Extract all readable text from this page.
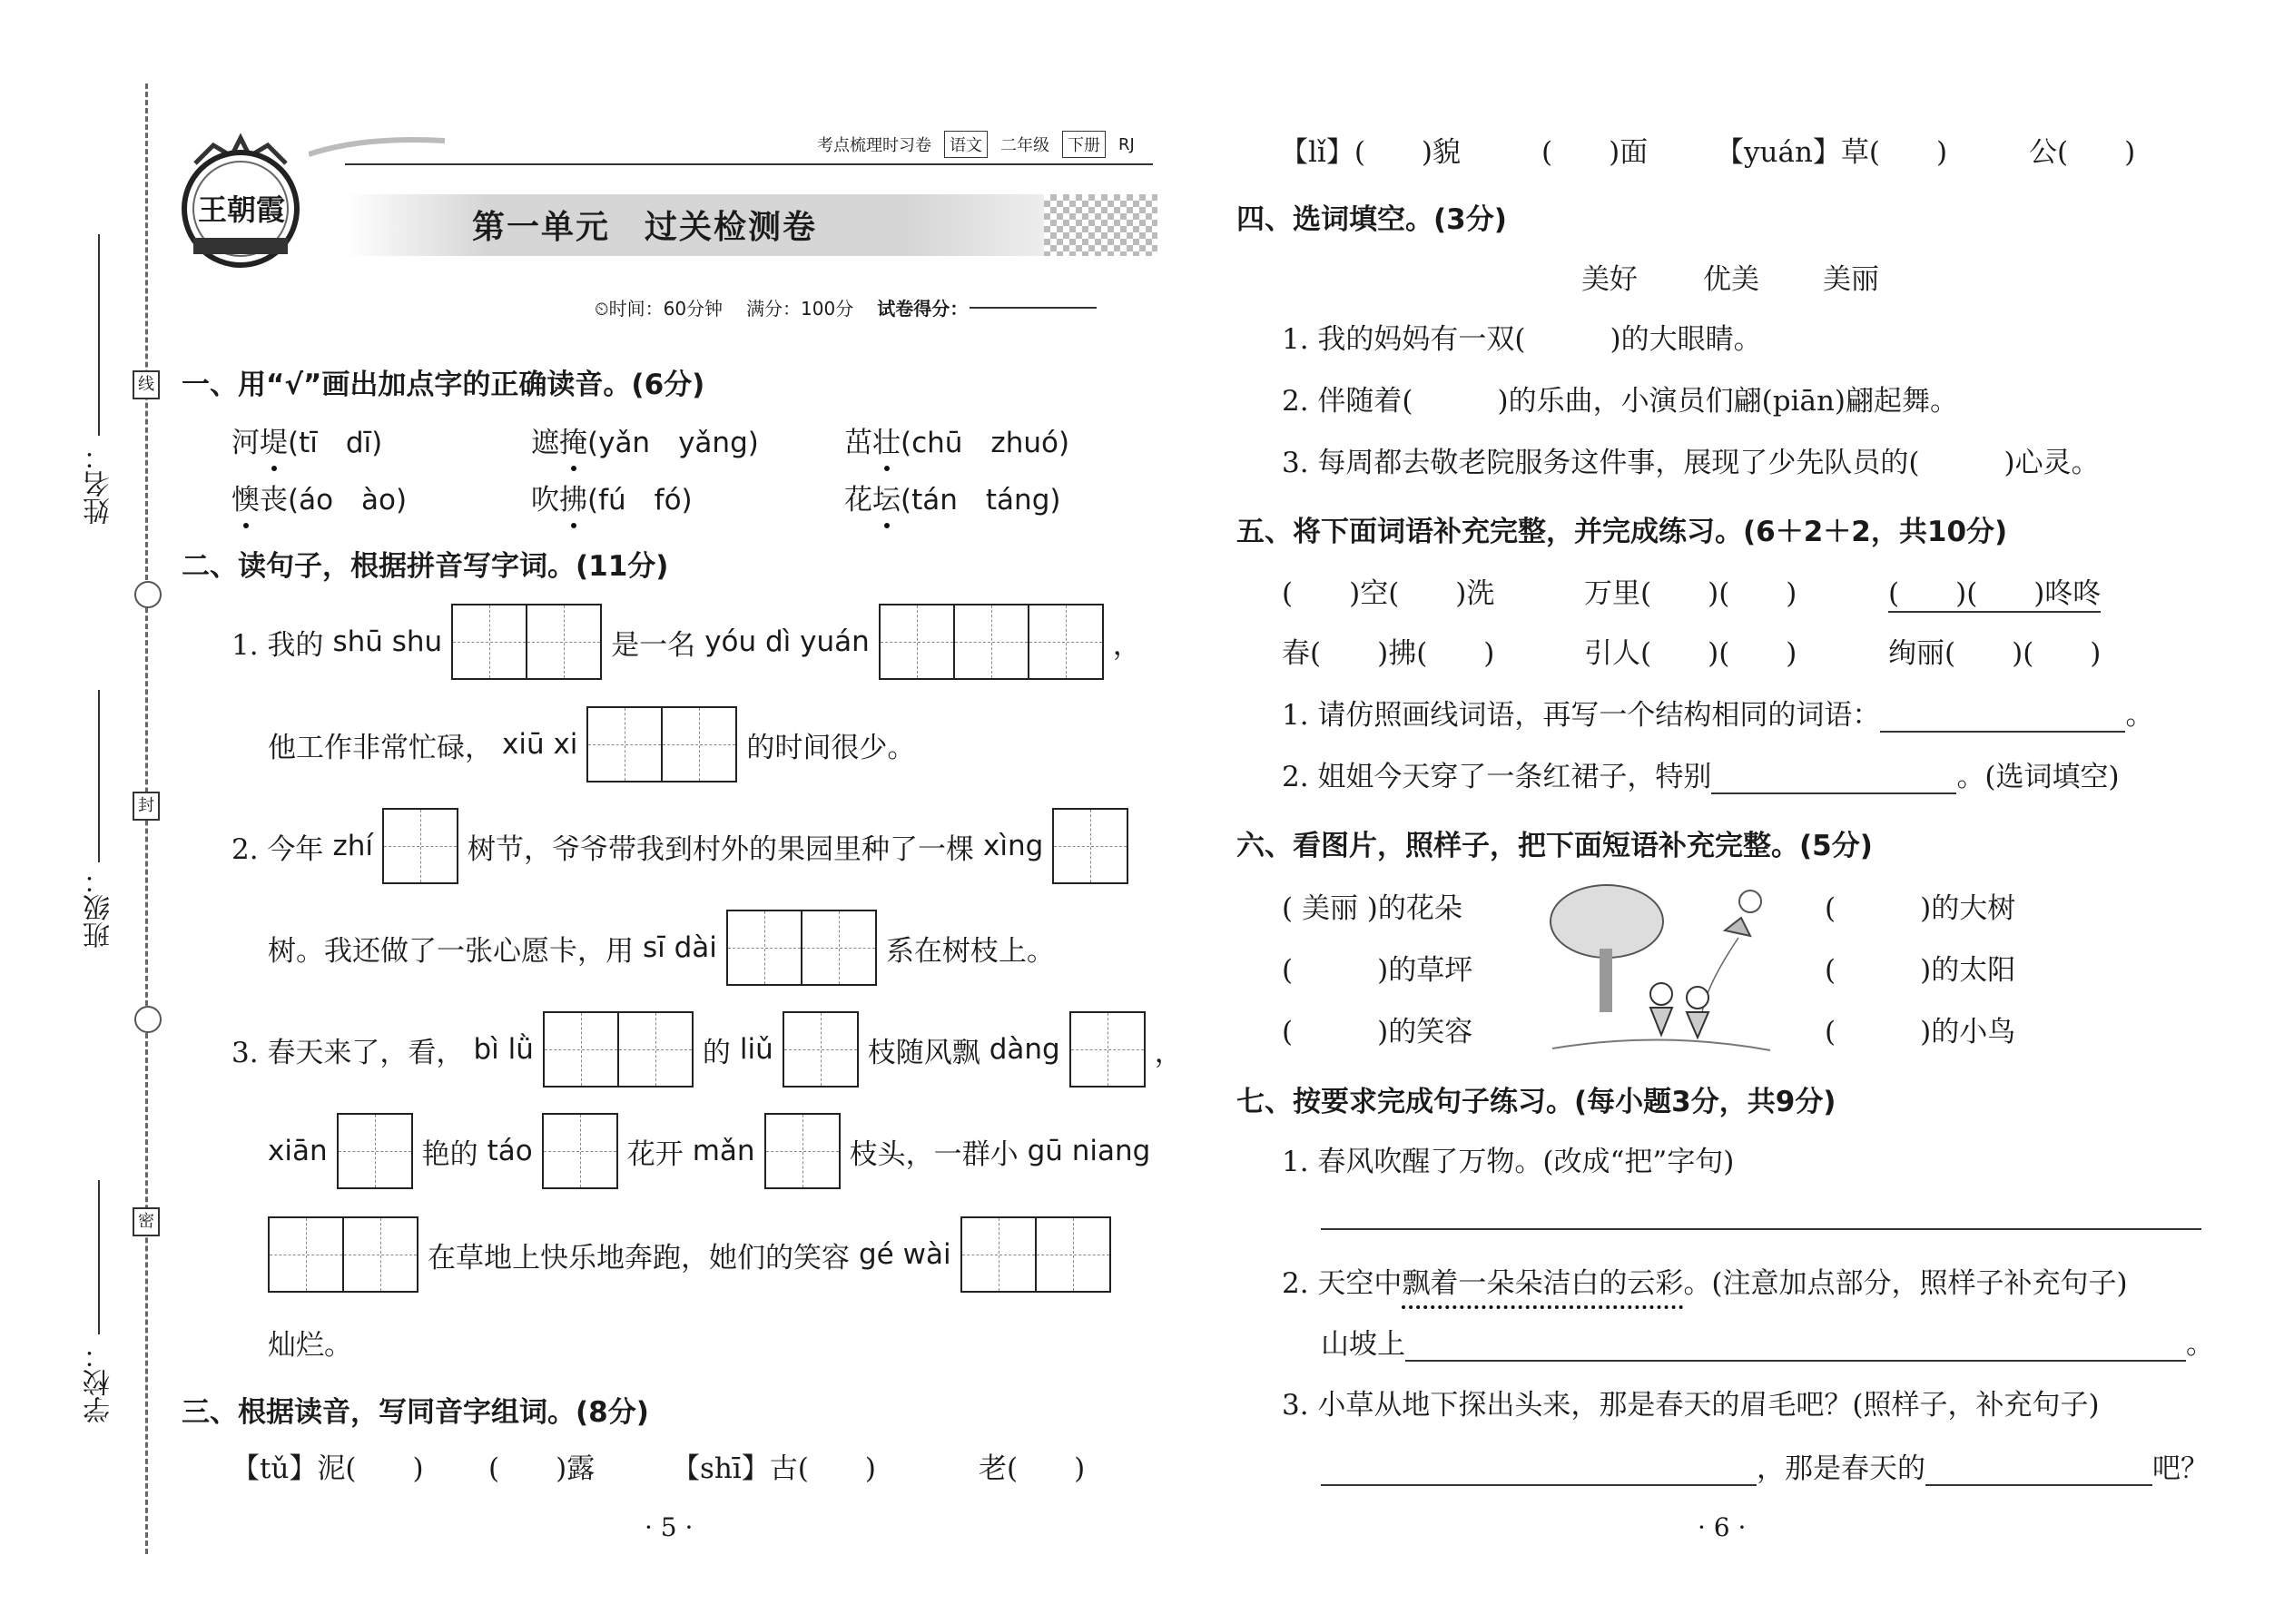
姓名：
班级：
学校：
线
封
密
王朝霞
考点梳理时习卷	语文	二年级	下册	RJ
第一单元　过关检测卷
⏲时间：60分钟 满分：100分 试卷得分：
一、用“√”画出加点字的正确读音。(6分)
河堤(tī　dī)	遮掩(yǎn　yǎng)	茁壮(chū　zhuó)
懊丧(áo　ào)	吹拂(fú　fó)	花坛(tán　táng)
二、读句子，根据拼音写字词。(11分)
1. 我的 shū shu	是一名 yóu dì yuán	，
他工作非常忙碌， xiū xi	的时间很少。
2. 今年 zhí	树节，爷爷带我到村外的果园里种了一棵 xìng
树。我还做了一张心愿卡，用 sī dài	系在树枝上。
3. 春天来了，看， bì lǜ	的 liǔ	枝随风飘 dàng	，
xiān	艳的 táo	花开 mǎn	枝头，一群小 gū niang
在草地上快乐地奔跑，她们的笑容 gé wài
灿烂。
三、根据读音，写同音字组词。(8分)
【tǔ】泥(　　) (　　)露	【shī】古(　　)	老(　　)
· 5 ·
【lǐ】(　　)貌	(　　)面 【yuán】草(　　)	公(　　)
四、选词填空。(3分)
美好 优美 美丽
1. 我的妈妈有一双(　　　)的大眼睛。
2. 伴随着(　　　)的乐曲，小演员们翩(piān)翩起舞。
3. 每周都去敬老院服务这件事，展现了少先队员的(　　　)心灵。
五、将下面词语补充完整，并完成练习。(6＋2＋2，共10分)
(　　)空(　　)洗	万里(　　)(　　)	(　　)(　　)咚咚
春(　　)拂(　　)	引人(　　)(　　)	绚丽(　　)(　　)
1. 请仿照画线词语，再写一个结构相同的词语：	。
2. 姐姐今天穿了一条红裙子，特别	。(选词填空)
六、看图片，照样子，把下面短语补充完整。(5分)
( 美丽 )的花朵
(　　　)的草坪
(　　　)的笑容
(　　　)的大树
(　　　)的太阳
(　　　)的小鸟
七、按要求完成句子练习。(每小题3分，共9分)
1. 春风吹醒了万物。(改成“把”字句)
2. 天空中飘着一朵朵洁白的云彩。(注意加点部分，照样子补充句子)
山坡上	。
3. 小草从地下探出头来，那是春天的眉毛吧？(照样子，补充句子)
，那是春天的	吧？
· 6 ·
